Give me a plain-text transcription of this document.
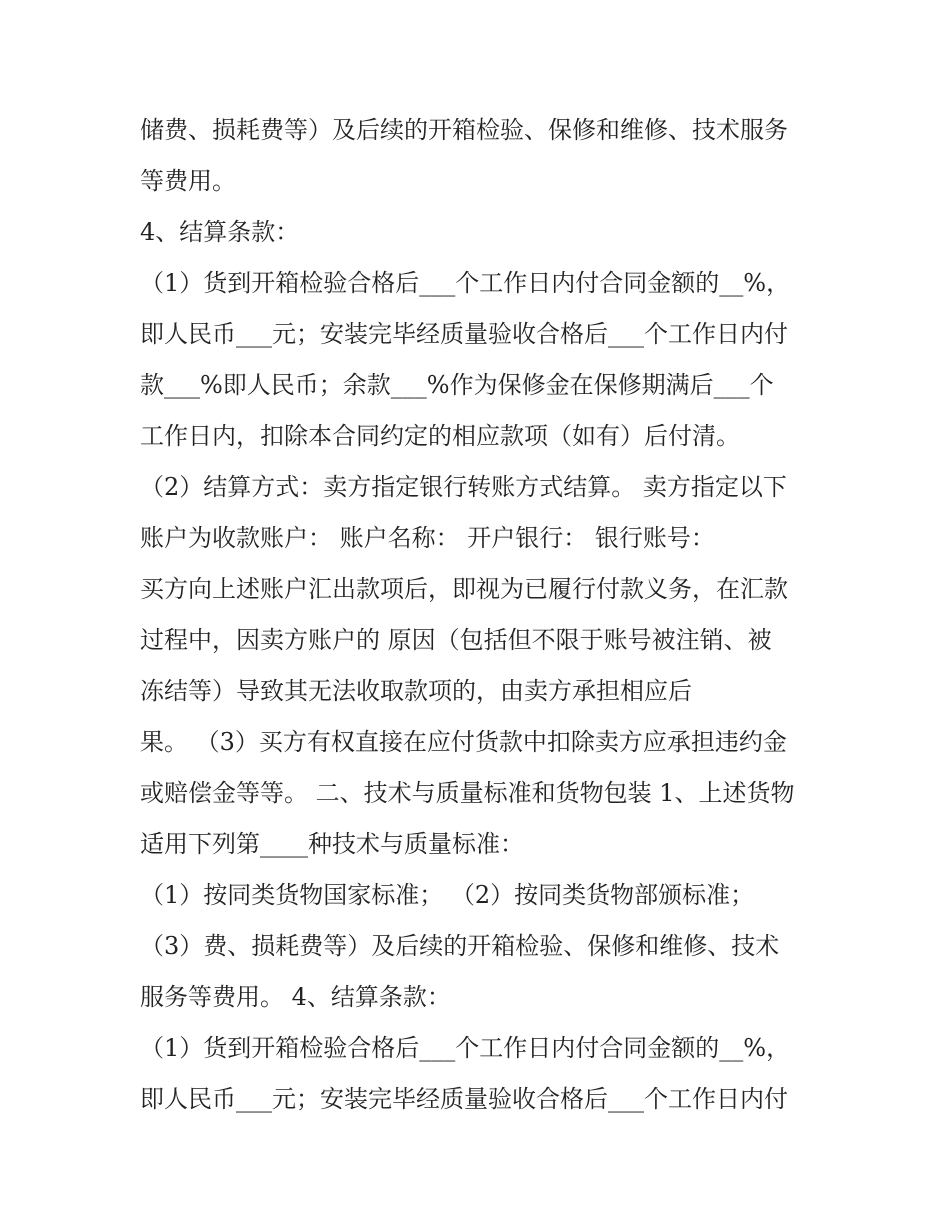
储费、损耗费等）及后续的开箱检验、保修和维修、技术服务

等费用。

4、结算条款：

（1）货到开箱检验合格后___个工作日内付合同金额的__%，

即人民币___元；安装完毕经质量验收合格后___个工作日内付

款___%即人民币；余款___%作为保修金在保修期满后___个

工作日内，扣除本合同约定的相应款项（如有）后付清。

（2）结算方式：卖方指定银行转账方式结算。 卖方指定以下

账户为收款账户： 账户名称： 开户银行： 银行账号：

买方向上述账户汇出款项后，即视为已履行付款义务，在汇款

过程中，因卖方账户的 原因（包括但不限于账号被注销、被

冻结等）导致其无法收取款项的，由卖方承担相应后

果。 （3）买方有权直接在应付货款中扣除卖方应承担违约金

或赔偿金等等。 二、技术与质量标准和货物包装 1、上述货物

适用下列第____种技术与质量标准：

（1）按同类货物国家标准； （2）按同类货物部颁标准；

（3）费、损耗费等）及后续的开箱检验、保修和维修、技术

服务等费用。 4、结算条款：

（1）货到开箱检验合格后___个工作日内付合同金额的__%，

即人民币___元；安装完毕经质量验收合格后___个工作日内付
